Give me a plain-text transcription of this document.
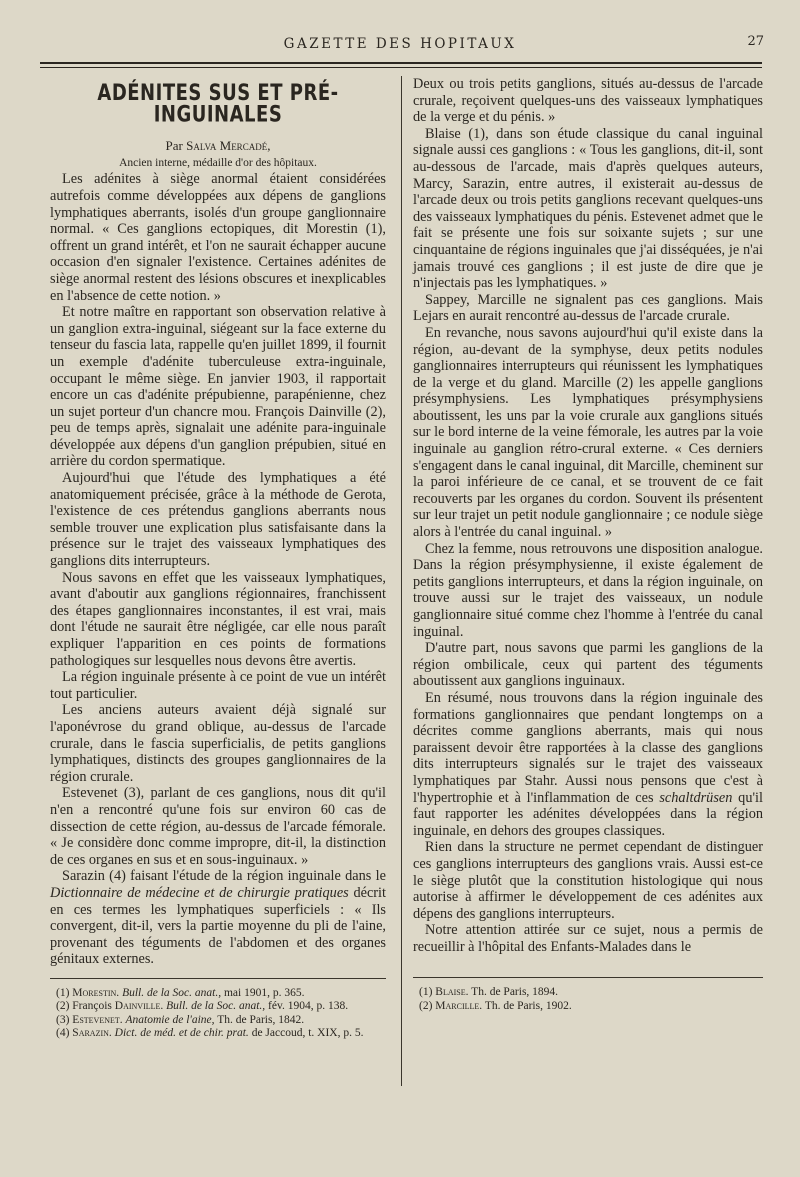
GAZETTE DES HOPITAUX	27
ADÉNITES SUS ET PRÉ-INGUINALES

Par Salva Mercadé,

Ancien interne, médaille d'or des hôpitaux.

Les adénites à siège anormal étaient considérées autrefois comme développées aux dépens de ganglions lymphatiques aberrants, isolés d'un groupe ganglionnaire normal. « Ces ganglions ectopiques, dit Morestin (1), offrent un grand intérêt, et l'on ne saurait échapper aucune occasion d'en signaler l'existence. Certaines adénites de siège anormal restent des lésions obscures et inexplicables en l'absence de cette notion. »

Et notre maître en rapportant son observation relative à un ganglion extra-inguinal, siégeant sur la face externe du tenseur du fascia lata, rappelle qu'en juillet 1899, il fournit un exemple d'adénite tuberculeuse extra-inguinale, occupant le même siège. En janvier 1903, il rapportait encore un cas d'adénite prépubienne, parapénienne, chez un sujet porteur d'un chancre mou. François Dainville (2), peu de temps après, signalait une adénite para-inguinale développée aux dépens d'un ganglion prépubien, situé en arrière du cordon spermatique.

Aujourd'hui que l'étude des lymphatiques a été anatomiquement précisée, grâce à la méthode de Gerota, l'existence de ces prétendus ganglions aberrants nous semble trouver une explication plus satisfaisante dans la présence sur le trajet des vaisseaux lymphatiques des ganglions dits interrupteurs.

Nous savons en effet que les vaisseaux lymphatiques, avant d'aboutir aux ganglions régionnaires, franchissent des étapes ganglionnaires inconstantes, il est vrai, mais dont l'étude ne saurait être négligée, car elle nous paraît expliquer l'apparition en ces points de formations pathologiques sur lesquelles nous devons être avertis.

La région inguinale présente à ce point de vue un intérêt tout particulier.

Les anciens auteurs avaient déjà signalé sur l'aponévrose du grand oblique, au-dessus de l'arcade crurale, dans le fascia superficialis, de petits ganglions lymphatiques, distincts des groupes ganglionnaires de la région crurale.

Estevenet (3), parlant de ces ganglions, nous dit qu'il n'en a rencontré qu'une fois sur environ 60 cas de dissection de cette région, au-dessus de l'arcade fémorale. « Je considère donc comme impropre, dit-il, la distinction de ces organes en sus et en sous-inguinaux. »

Sarazin (4) faisant l'étude de la région inguinale dans le Dictionnaire de médecine et de chirurgie pratiques décrit en ces termes les lymphatiques superficiels : « Ils convergent, dit-il, vers la partie moyenne du pli de l'aine, provenant des téguments de l'abdomen et des organes génitaux externes.

(1) Morestin. Bull. de la Soc. anat., mai 1901, p. 365.

(2) François Dainville. Bull. de la Soc. anat., fév. 1904, p. 138.

(3) Estevenet. Anatomie de l'aine, Th. de Paris, 1842.

(4) Sarazin. Dict. de méd. et de chir. prat. de Jaccoud, t. XIX, p. 5.

Deux ou trois petits ganglions, situés au-dessus de l'arcade crurale, reçoivent quelques-uns des vaisseaux lymphatiques de la verge et du pénis. »

Blaise (1), dans son étude classique du canal inguinal signale aussi ces ganglions : « Tous les ganglions, dit-il, sont au-dessous de l'arcade, mais d'après quelques auteurs, Marcy, Sarazin, entre autres, il existerait au-dessus de l'arcade deux ou trois petits ganglions recevant quelques-uns des vaisseaux lymphatiques du pénis. Estevenet admet que le fait se présente une fois sur soixante sujets ; sur une cinquantaine de régions inguinales que j'ai disséquées, je n'ai jamais trouvé ces ganglions ; il est juste de dire que je n'injectais pas les lymphatiques. »

Sappey, Marcille ne signalent pas ces ganglions. Mais Lejars en aurait rencontré au-dessus de l'arcade crurale.

En revanche, nous savons aujourd'hui qu'il existe dans la région, au-devant de la symphyse, deux petits nodules ganglionnaires interrupteurs qui réunissent les lymphatiques de la verge et du gland. Marcille (2) les appelle ganglions présymphysiens. Les lymphatiques présymphysiens aboutissent, les uns par la voie crurale aux ganglions situés sur le bord interne de la veine fémorale, les autres par la voie inguinale au ganglion rétro-crural externe. « Ces derniers s'engagent dans le canal inguinal, dit Marcille, cheminent sur la paroi inférieure de ce canal, et se trouvent de ce fait recouverts par les organes du cordon. Souvent ils présentent sur leur trajet un petit nodule ganglionnaire ; ce nodule siège alors à l'entrée du canal inguinal. »

Chez la femme, nous retrouvons une disposition analogue. Dans la région présymphysienne, il existe également de petits ganglions interrupteurs, et dans la région inguinale, on trouve aussi sur le trajet des vaisseaux, un nodule ganglionnaire situé comme chez l'homme à l'entrée du canal inguinal.

D'autre part, nous savons que parmi les ganglions de la région ombilicale, ceux qui partent des téguments aboutissent aux ganglions inguinaux.

En résumé, nous trouvons dans la région inguinale des formations ganglionnaires que pendant longtemps on a décrites comme ganglions aberrants, mais qui nous paraissent devoir être rapportées à la classe des ganglions dits interrupteurs signalés sur le trajet des vaisseaux lymphatiques par Stahr. Aussi nous pensons que c'est à l'hypertrophie et à l'inflammation de ces schaltdrüsen qu'il faut rapporter les adénites développées dans la région inguinale, en dehors des groupes classiques.

Rien dans la structure ne permet cependant de distinguer ces ganglions interrupteurs des ganglions vrais. Aussi est-ce le siège plutôt que la constitution histologique qui nous autorise à affirmer le développement de ces adénites aux dépens des ganglions interrupteurs.

Notre attention attirée sur ce sujet, nous a permis de recueillir à l'hôpital des Enfants-Malades dans le

(1) Blaise. Th. de Paris, 1894.

(2) Marcille. Th. de Paris, 1902.
